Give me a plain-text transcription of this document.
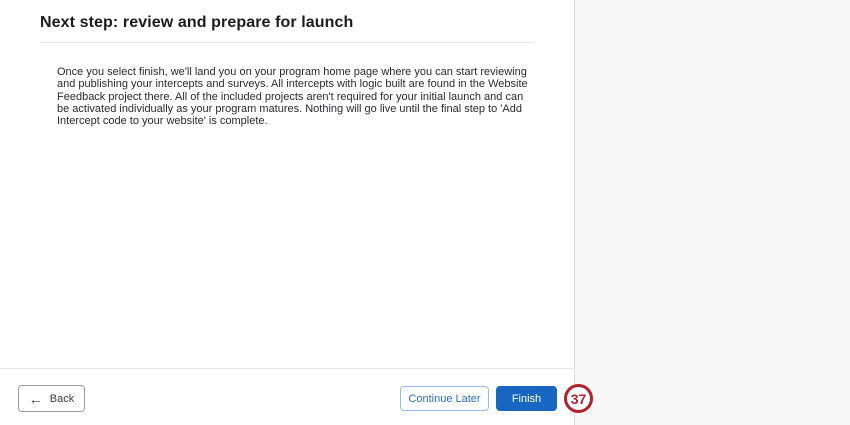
Next step: review and prepare for launch

Once you select finish, we'll land you on your program home page where you can start reviewing and publishing your intercepts and surveys. All intercepts with logic built are found in the Website Feedback project there. All of the included projects aren't required for your initial launch and can be activated individually as your program matures. Nothing will go live until the final step to 'Add Intercept code to your website' is complete.

← Back	Continue Later	Finish 37
